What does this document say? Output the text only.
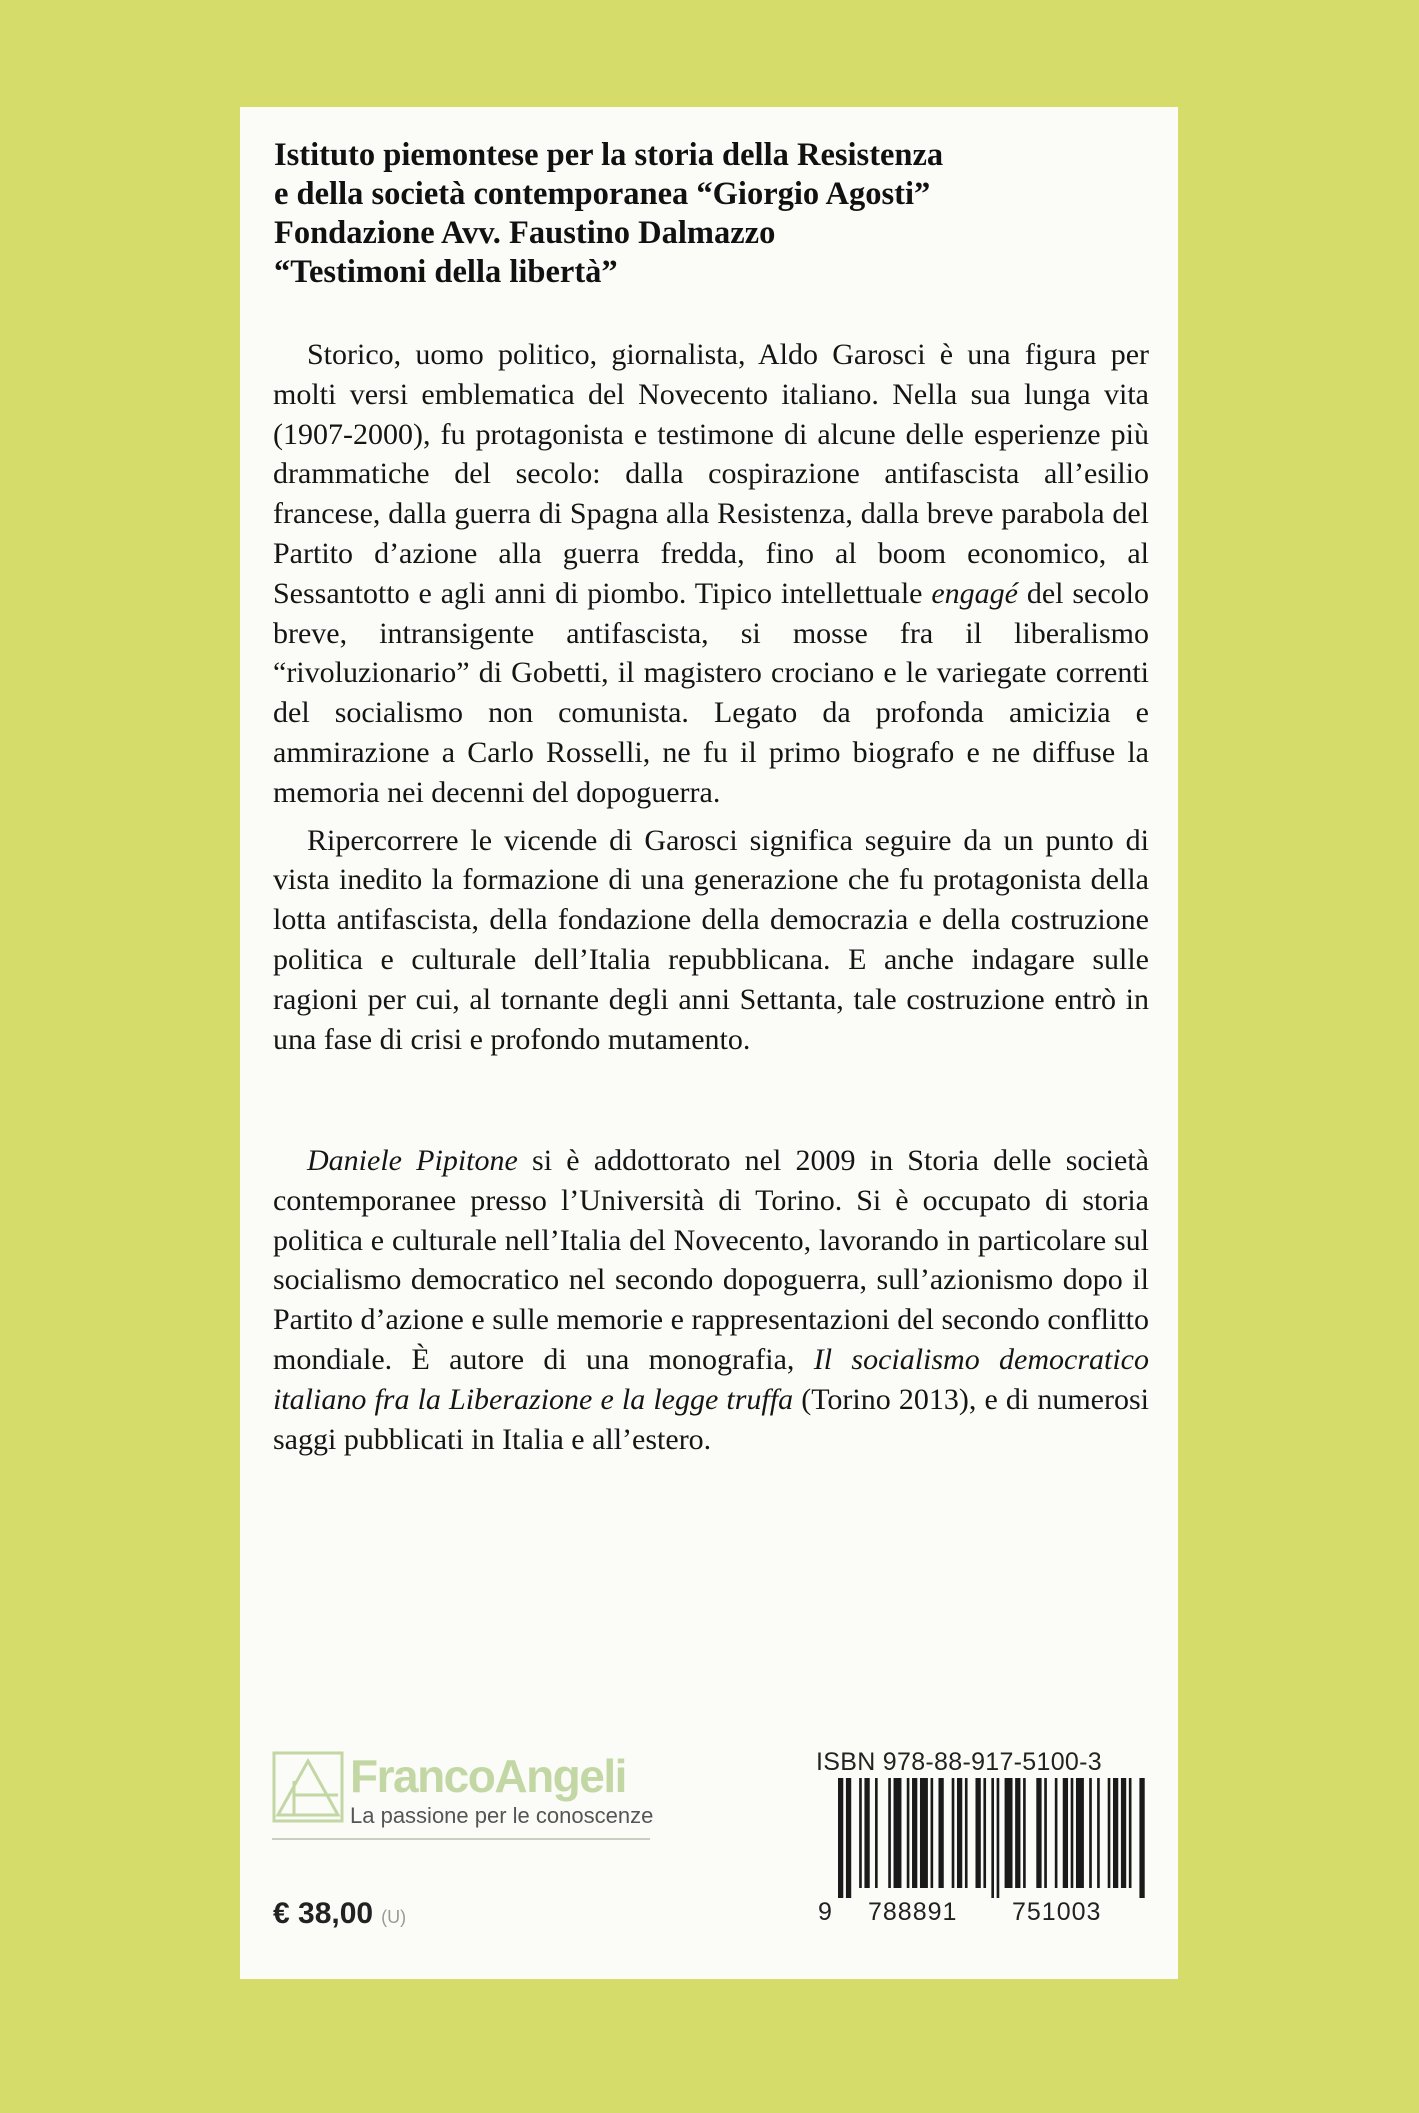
Istituto piemontese per la storia della Resistenza
e della società contemporanea “Giorgio Agosti”
Fondazione Avv. Faustino Dalmazzo
“Testimoni della libertà”

Storico, uomo politico, giornalista, Aldo Garosci è una figura per molti versi emblematica del Novecento italiano. Nella sua lunga vita (1907-2000), fu protagonista e testimone di alcune delle esperienze più drammatiche del secolo: dalla cospirazione antifascista all’esilio francese, dalla guerra di Spagna alla Resistenza, dalla breve parabola del Partito d’azione alla guerra fredda, fino al boom economico, al Sessantotto e agli anni di piombo. Tipico intellettuale engagé del secolo breve, intransigente antifascista, si mosse fra il liberalismo “rivoluzionario” di Gobetti, il magistero crociano e le variegate correnti del socialismo non comunista. Legato da profonda amicizia e ammirazione a Carlo Rosselli, ne fu il primo biografo e ne diffuse la memoria nei decenni del dopoguerra.

Ripercorrere le vicende di Garosci significa seguire da un punto di vista inedito la formazione di una generazione che fu protagonista della lotta antifascista, della fondazione della democrazia e della costruzione politica e culturale dell’Italia repubblicana. E anche indagare sulle ragioni per cui, al tornante degli anni Settanta, tale costruzione entrò in una fase di crisi e profondo mutamento.

Daniele Pipitone si è addottorato nel 2009 in Storia delle società contemporanee presso l’Università di Torino. Si è occupato di storia politica e culturale nell’Italia del Novecento, lavorando in particolare sul socialismo democratico nel secondo dopoguerra, sull’azionismo dopo il Partito d’azione e sulle memorie e rappresentazioni del secondo conflitto mondiale. È autore di una monografia, Il socialismo democratico italiano fra la Liberazione e la legge truffa (Torino 2013), e di numerosi saggi pubblicati in Italia e all’estero.

FrancoAngeli
La passione per le conoscenze
€ 38,00 (U)
ISBN 978-88-917-5100-3
9 788891 751003
